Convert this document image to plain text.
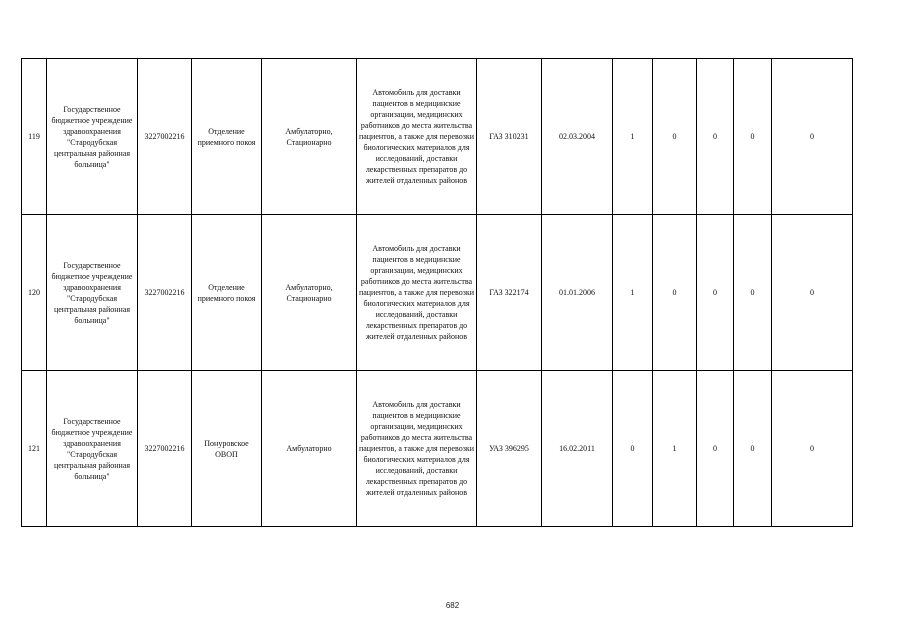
119	Государственное бюджетное учреждение здравоохранения "Стародубская центральная районная больница"	3227002216	Отделение приемного покоя	Амбулаторно, Стационарно	Автомобиль для доставки пациентов в медицинские организации, медицинских работников до места жительства пациентов, а также для перевозки биологических материалов для исследований, доставки лекарственных препаратов до жителей отдаленных районов	ГАЗ 310231	02.03.2004	1	0	0	0	0
120	Государственное бюджетное учреждение здравоохранения "Стародубская центральная районная больница"	3227002216	Отделение приемного покоя	Амбулаторно, Стационарно	Автомобиль для доставки пациентов в медицинские организации, медицинских работников до места жительства пациентов, а также для перевозки биологических материалов для исследований, доставки лекарственных препаратов до жителей отдаленных районов	ГАЗ 322174	01.01.2006	1	0	0	0	0
121	Государственное бюджетное учреждение здравоохранения "Стародубская центральная районная больница"	3227002216	Понуровское ОВОП	Амбулаторно	Автомобиль для доставки пациентов в медицинские организации, медицинских работников до места жительства пациентов, а также для перевозки биологических материалов для исследований, доставки лекарственных препаратов до жителей отдаленных районов	УАЗ 396295	16.02.2011	0	1	0	0	0
682
